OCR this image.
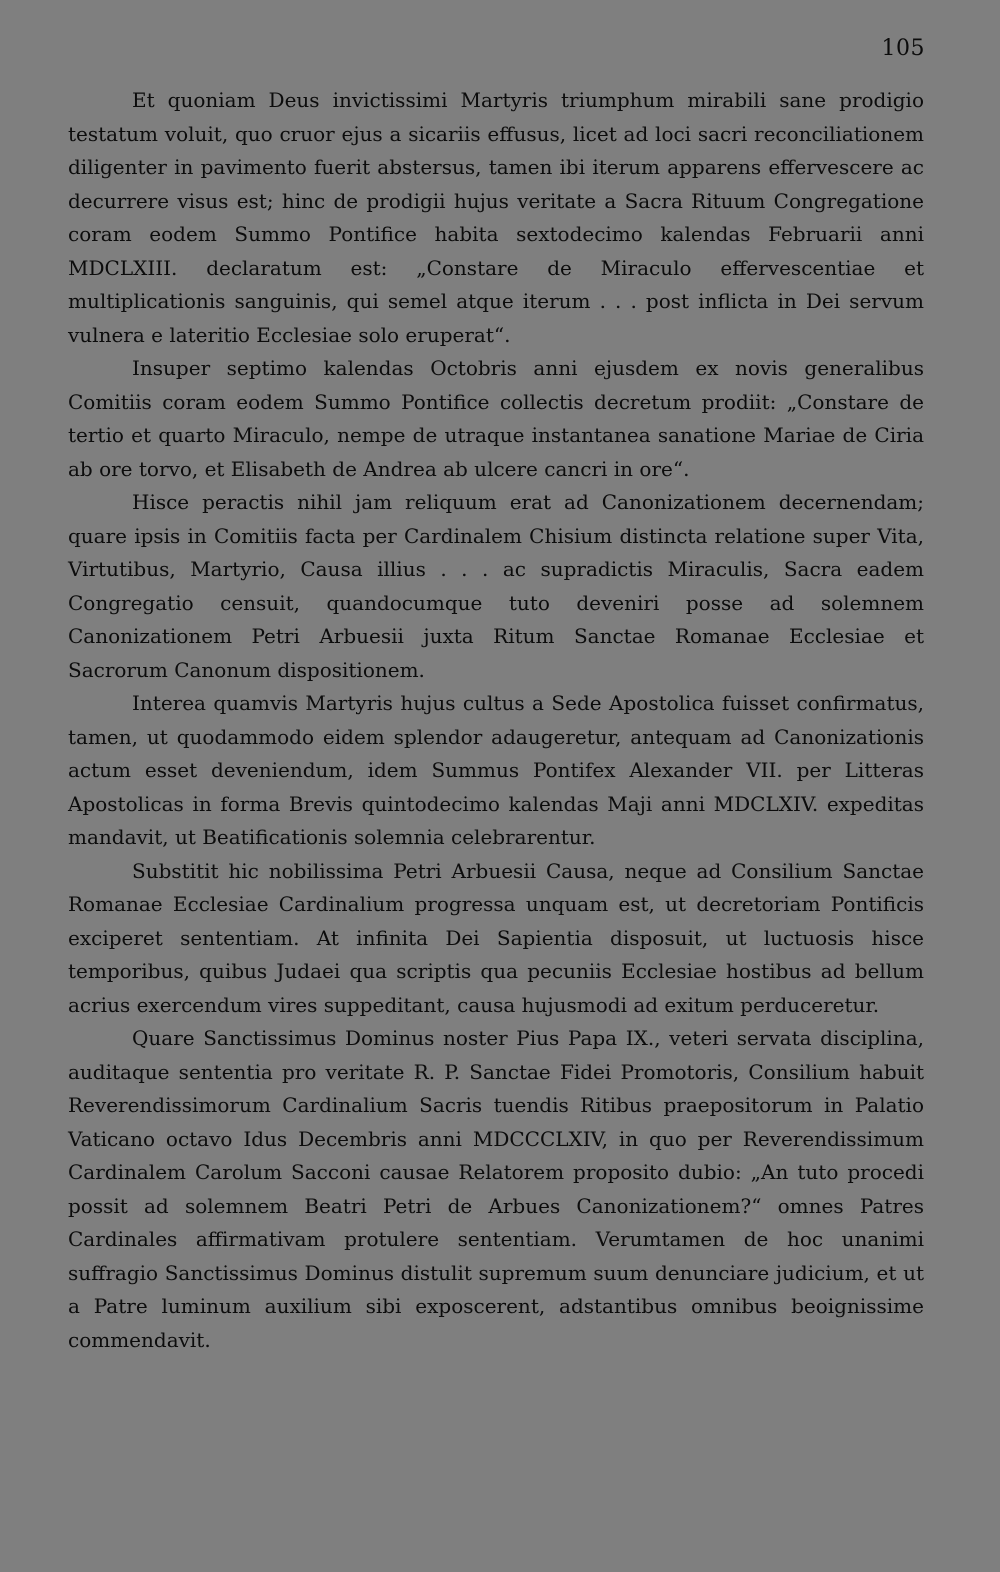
105

Et quoniam Deus invictissimi Martyris triumphum mirabili sane prodigio testatum voluit, quo cruor ejus a sicariis effusus, licet ad loci sacri reconciliationem diligenter in pavimento fuerit abstersus, tamen ibi iterum apparens effervescere ac decurrere visus est; hinc de prodigii hujus veritate a Sacra Rituum Congregatione coram eodem Summo Pontifice habita sextodecimo kalendas Februarii anni MDCLXIII. declaratum est: „Constare de Miraculo effervescentiae et multiplicationis sanguinis, qui semel atque iterum . . . post inflicta in Dei servum vulnera e lateritio Ecclesiae solo eruperat“.

Insuper septimo kalendas Octobris anni ejusdem ex novis generalibus Comitiis coram eodem Summo Pontifice collectis decretum prodiit: „Constare de tertio et quarto Miraculo, nempe de utraque instantanea sanatione Mariae de Ciria ab ore torvo, et Elisabeth de Andrea ab ulcere cancri in ore“.

Hisce peractis nihil jam reliquum erat ad Canonizationem decernendam; quare ipsis in Comitiis facta per Cardinalem Chisium distincta relatione super Vita, Virtutibus, Martyrio, Causa illius . . . ac supradictis Miraculis, Sacra eadem Congregatio censuit, quandocumque tuto deveniri posse ad solemnem Canonizationem Petri Arbuesii juxta Ritum Sanctae Romanae Ecclesiae et Sacrorum Canonum dispositionem.

Interea quamvis Martyris hujus cultus a Sede Apostolica fuisset confirmatus, tamen, ut quodammodo eidem splendor adaugeretur, antequam ad Canonizationis actum esset deveniendum, idem Summus Pontifex Alexander VII. per Litteras Apostolicas in forma Brevis quintodecimo kalendas Maji anni MDCLXIV. expeditas mandavit, ut Beatificationis solemnia celebrarentur.

Substitit hic nobilissima Petri Arbuesii Causa, neque ad Consilium Sanctae Romanae Ecclesiae Cardinalium progressa unquam est, ut decretoriam Pontificis exciperet sententiam. At infinita Dei Sapientia disposuit, ut luctuosis hisce temporibus, quibus Judaei qua scriptis qua pecuniis Ecclesiae hostibus ad bellum acrius exercendum vires suppeditant, causa hujusmodi ad exitum perduceretur.

Quare Sanctissimus Dominus noster Pius Papa IX., veteri servata disciplina, auditaque sententia pro veritate R. P. Sanctae Fidei Promotoris, Consilium habuit Reverendissimorum Cardinalium Sacris tuendis Ritibus praepositorum in Palatio Vaticano octavo Idus Decembris anni MDCCCLXIV, in quo per Reverendissimum Cardinalem Carolum Sacconi causae Relatorem proposito dubio: „An tuto procedi possit ad solemnem Beatri Petri de Arbues Canonizationem?“ omnes Patres Cardinales affirmativam protulere sententiam. Verumtamen de hoc unanimi suffragio Sanctissimus Dominus distulit supremum suum denunciare judicium, et ut a Patre luminum auxilium sibi exposcerent, adstantibus omnibus beoignissime commendavit.
